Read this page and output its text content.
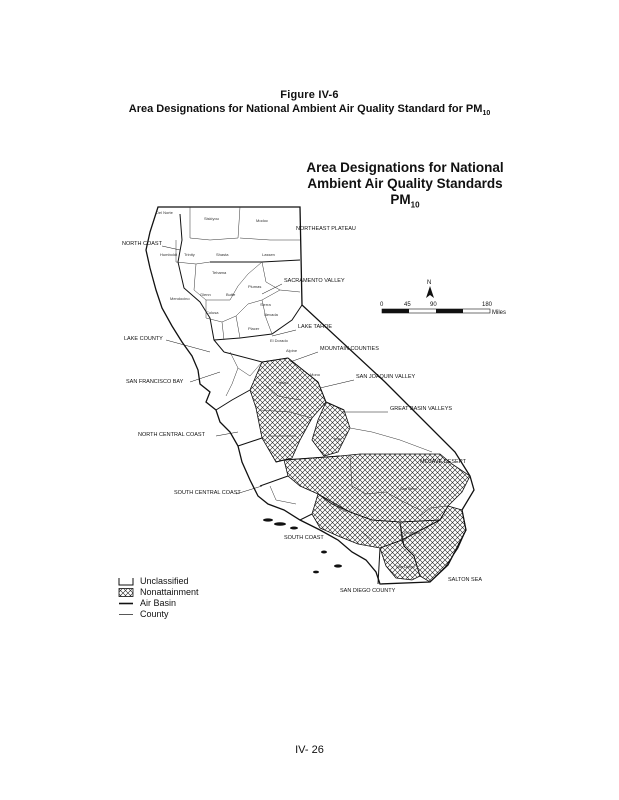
Figure IV-6
Area Designations for National Ambient Air Quality Standard for $PM_{10}$
Area Designations for National
Ambient Air Quality Standards
$PM_{10}$
NORTHEAST PLATEAU
NORTH COAST
SACRAMENTO VALLEY
LAKE TAHOE
LAKE COUNTY
MOUNTAIN COUNTIES
SAN FRANCISCO BAY
SAN JOAQUIN VALLEY
GREAT BASIN VALLEYS
NORTH CENTRAL COAST
MOJAVE DESERT
SOUTH CENTRAL COAST
SOUTH COAST
SALTON SEA
SAN DIEGO COUNTY
Del Norte
Siskiyou	Modoc
Humboldt Trinity	Shasta	Lassen
Tehama
Plumas
Mendocino
Glenn	Butte
Sierra
Colusa	Nevada
Placer
El Dorado
Alpine
Mono
Fresno
Inyo
San Bern.
Riverside
San Diego
N
0	45	90	180
Miles
Unclassified
Nonattainment
Air Basin
County
IV- 26
